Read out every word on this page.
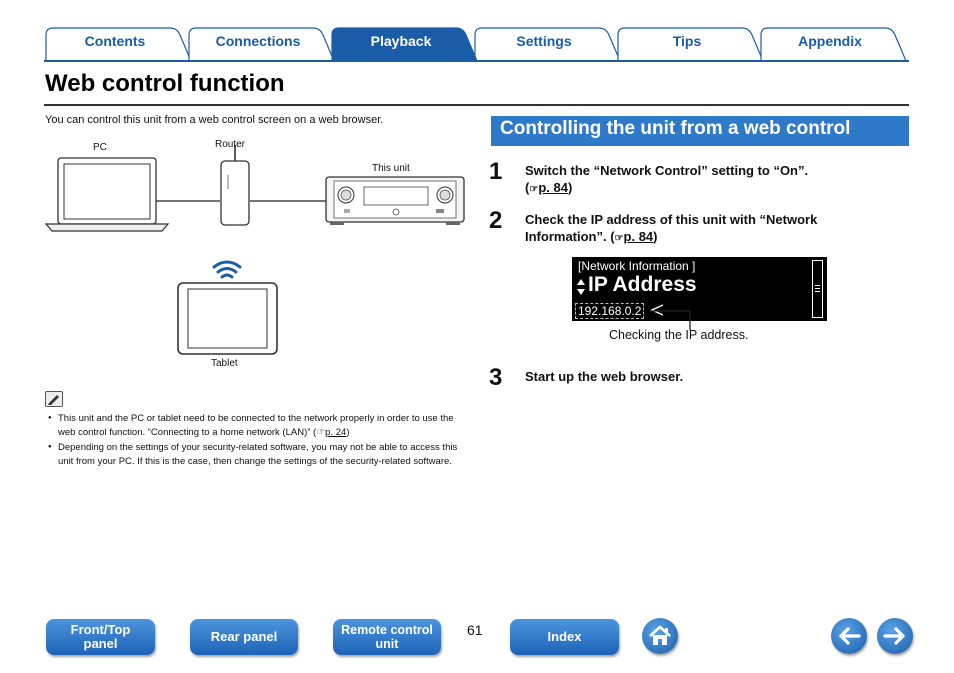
Contents	Connections	Playback	Settings	Tips	Appendix
Web control function

You can control this unit from a web control screen on a web browser.

PC	Router
This unit
Tablet
● This unit and the PC or tablet need to be connected to the network properly in order to use the web control function. “Connecting to a home network (LAN)” (☞p. 24)
● Depending on the settings of your security-related software, you may not be able to access this unit from your PC. If this is the case, then change the settings of the security-related software.
Controlling the unit from a web control
1 Switch the “Network Control” setting to “On”.
(☞p. 84)
2 Check the IP address of this unit with “Network Information”. (☞p. 84)
[Network Information ]
IP Address
192.168.0.2
Checking the IP address.
3 Start up the web browser.
Front/Top panel	Rear panel	Remote control unit
61	Index
